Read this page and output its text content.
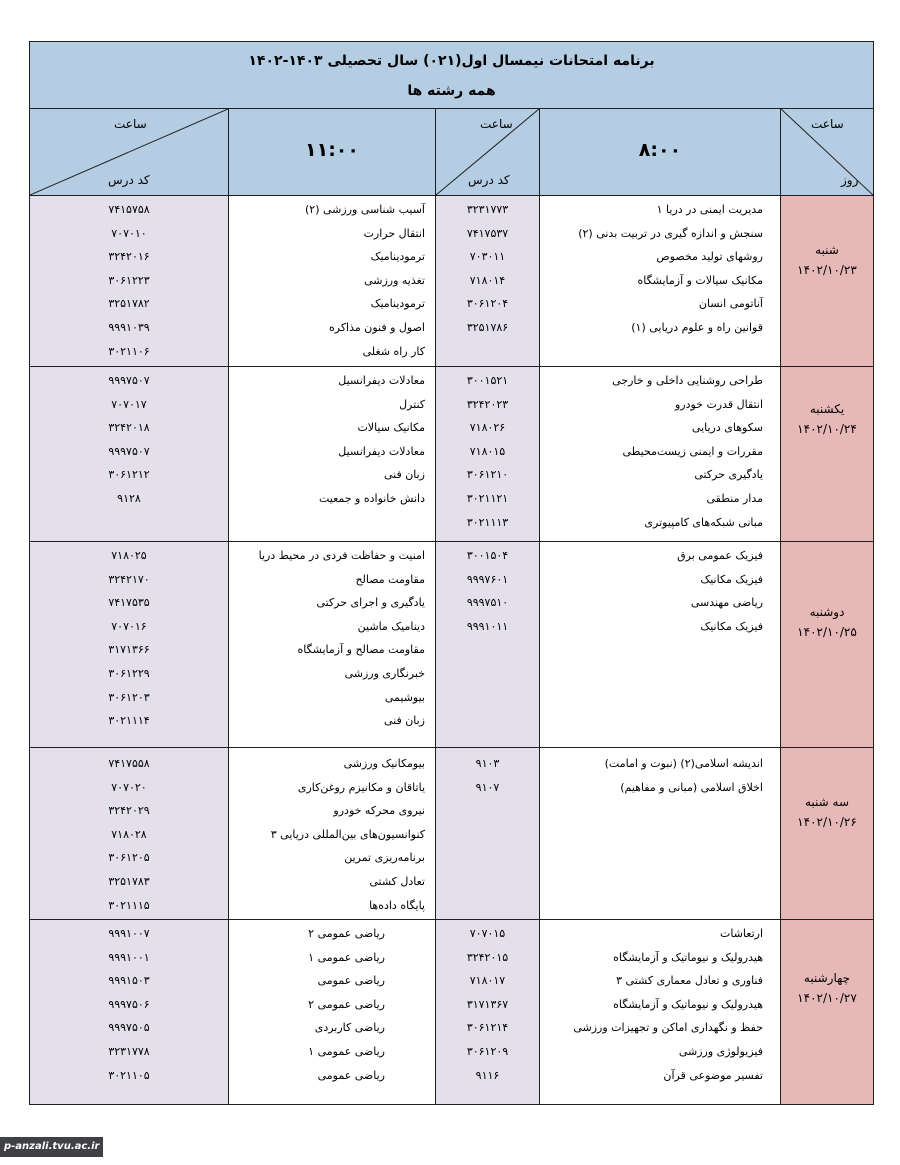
برنامه امتحانات نیمسال اول(۰۲۱) سال تحصیلی ۱۴۰۳-۱۴۰۲
همه رشته ها
ساعت
کد درس
۱۱:۰۰
ساعت
کد درس
۸:۰۰
ساعت
روز
شنبه
۱۴۰۲/۱۰/۲۳
یکشنبه
۱۴۰۲/۱۰/۲۴
دوشنبه
۱۴۰۲/۱۰/۲۵
سه شنبه
۱۴۰۲/۱۰/۲۶
چهارشنبه
۱۴۰۲/۱۰/۲۷
مدیریت ایمنی در دریا ۱
سنجش و اندازه گیری در تربیت بدنی (۲)
روشهای تولید مخصوص
مکانیک سیالات و آزمایشگاه
آناتومی انسان
قوانین راه و علوم دریایی (۱)
۳۲۳۱۷۷۳
۷۴۱۷۵۳۷
۷۰۳۰۱۱
۷۱۸۰۱۴
۳۰۶۱۲۰۴
۳۲۵۱۷۸۶
آسیب شناسی ورزشی (۲)
انتقال حرارت
ترمودینامیک
تغذیه ورزشی
ترمودینامیک
اصول و فنون مذاکره
کار راه شغلی
۷۴۱۵۷۵۸
۷۰۷۰۱۰
۳۲۴۲۰۱۶
۳۰۶۱۲۲۳
۳۲۵۱۷۸۲
۹۹۹۱۰۳۹
۳۰۲۱۱۰۶
طراحی روشنایی داخلی و خارجی
انتقال قدرت خودرو
سکوهای دریایی
مقررات و ایمنی زیست‌محیطی
یادگیری حرکتی
مدار منطقی
مبانی شبکه‌های کامپیوتری
۳۰۰۱۵۲۱
۳۲۴۲۰۲۳
۷۱۸۰۲۶
۷۱۸۰۱۵
۳۰۶۱۲۱۰
۳۰۲۱۱۲۱
۳۰۲۱۱۱۳
معادلات دیفرانسیل
کنترل
مکانیک سیالات
معادلات دیفرانسیل
زبان فنی
دانش خانواده و جمعیت
۹۹۹۷۵۰۷
۷۰۷۰۱۷
۳۲۴۲۰۱۸
۹۹۹۷۵۰۷
۳۰۶۱۲۱۲
۹۱۲۸
فیزیک عمومی برق
فیزیک مکانیک
ریاضی مهندسی
فیزیک مکانیک
۳۰۰۱۵۰۴
۹۹۹۷۶۰۱
۹۹۹۷۵۱۰
۹۹۹۱۰۱۱
امنیت و حفاظت فردی در محیط دریا
مقاومت مصالح
یادگیری و اجرای حرکتی
دینامیک ماشین
مقاومت مصالح و آزمایشگاه
خبرنگاری ورزشی
بیوشیمی
زبان فنی
۷۱۸۰۲۵
۳۲۴۲۱۷۰
۷۴۱۷۵۳۵
۷۰۷۰۱۶
۳۱۷۱۳۶۶
۳۰۶۱۲۲۹
۳۰۶۱۲۰۳
۳۰۲۱۱۱۴
اندیشه اسلامی(۲) (نبوت و امامت)
اخلاق اسلامی (مبانی و مفاهیم)
۹۱۰۳
۹۱۰۷
بیومکانیک ورزشی
یاتاقان و مکانیزم روغن‌کاری
نیروی محرکه خودرو
کنوانسیون‌های بین‌المللی دریایی ۳
برنامه‌ریزی تمرین
تعادل کشتی
پایگاه داده‌ها
۷۴۱۷۵۵۸
۷۰۷۰۲۰
۳۲۴۲۰۲۹
۷۱۸۰۲۸
۳۰۶۱۲۰۵
۳۲۵۱۷۸۳
۳۰۲۱۱۱۵
ارتعاشات
هیدرولیک و نیوماتیک و آزمایشگاه
فناوری و تعادل معماری کشتی ۳
هیدرولیک و نیوماتیک و آزمایشگاه
حفظ و نگهداری اماکن و تجهیزات ورزشی
فیزیولوژی ورزشی
تفسیر موضوعی قرآن
۷۰۷۰۱۵
۳۲۴۲۰۱۵
۷۱۸۰۱۷
۳۱۷۱۳۶۷
۳۰۶۱۲۱۴
۳۰۶۱۲۰۹
۹۱۱۶
ریاضی عمومی ۲
ریاضی عمومی ۱
ریاضی عمومی
ریاضی عمومی ۲
ریاضی کاربردی
ریاضی عمومی ۱
ریاضی عمومی
۹۹۹۱۰۰۷
۹۹۹۱۰۰۱
۹۹۹۱۵۰۳
۹۹۹۷۵۰۶
۹۹۹۷۵۰۵
۳۲۳۱۷۷۸
۳۰۲۱۱۰۵
p-anzali.tvu.ac.ir
